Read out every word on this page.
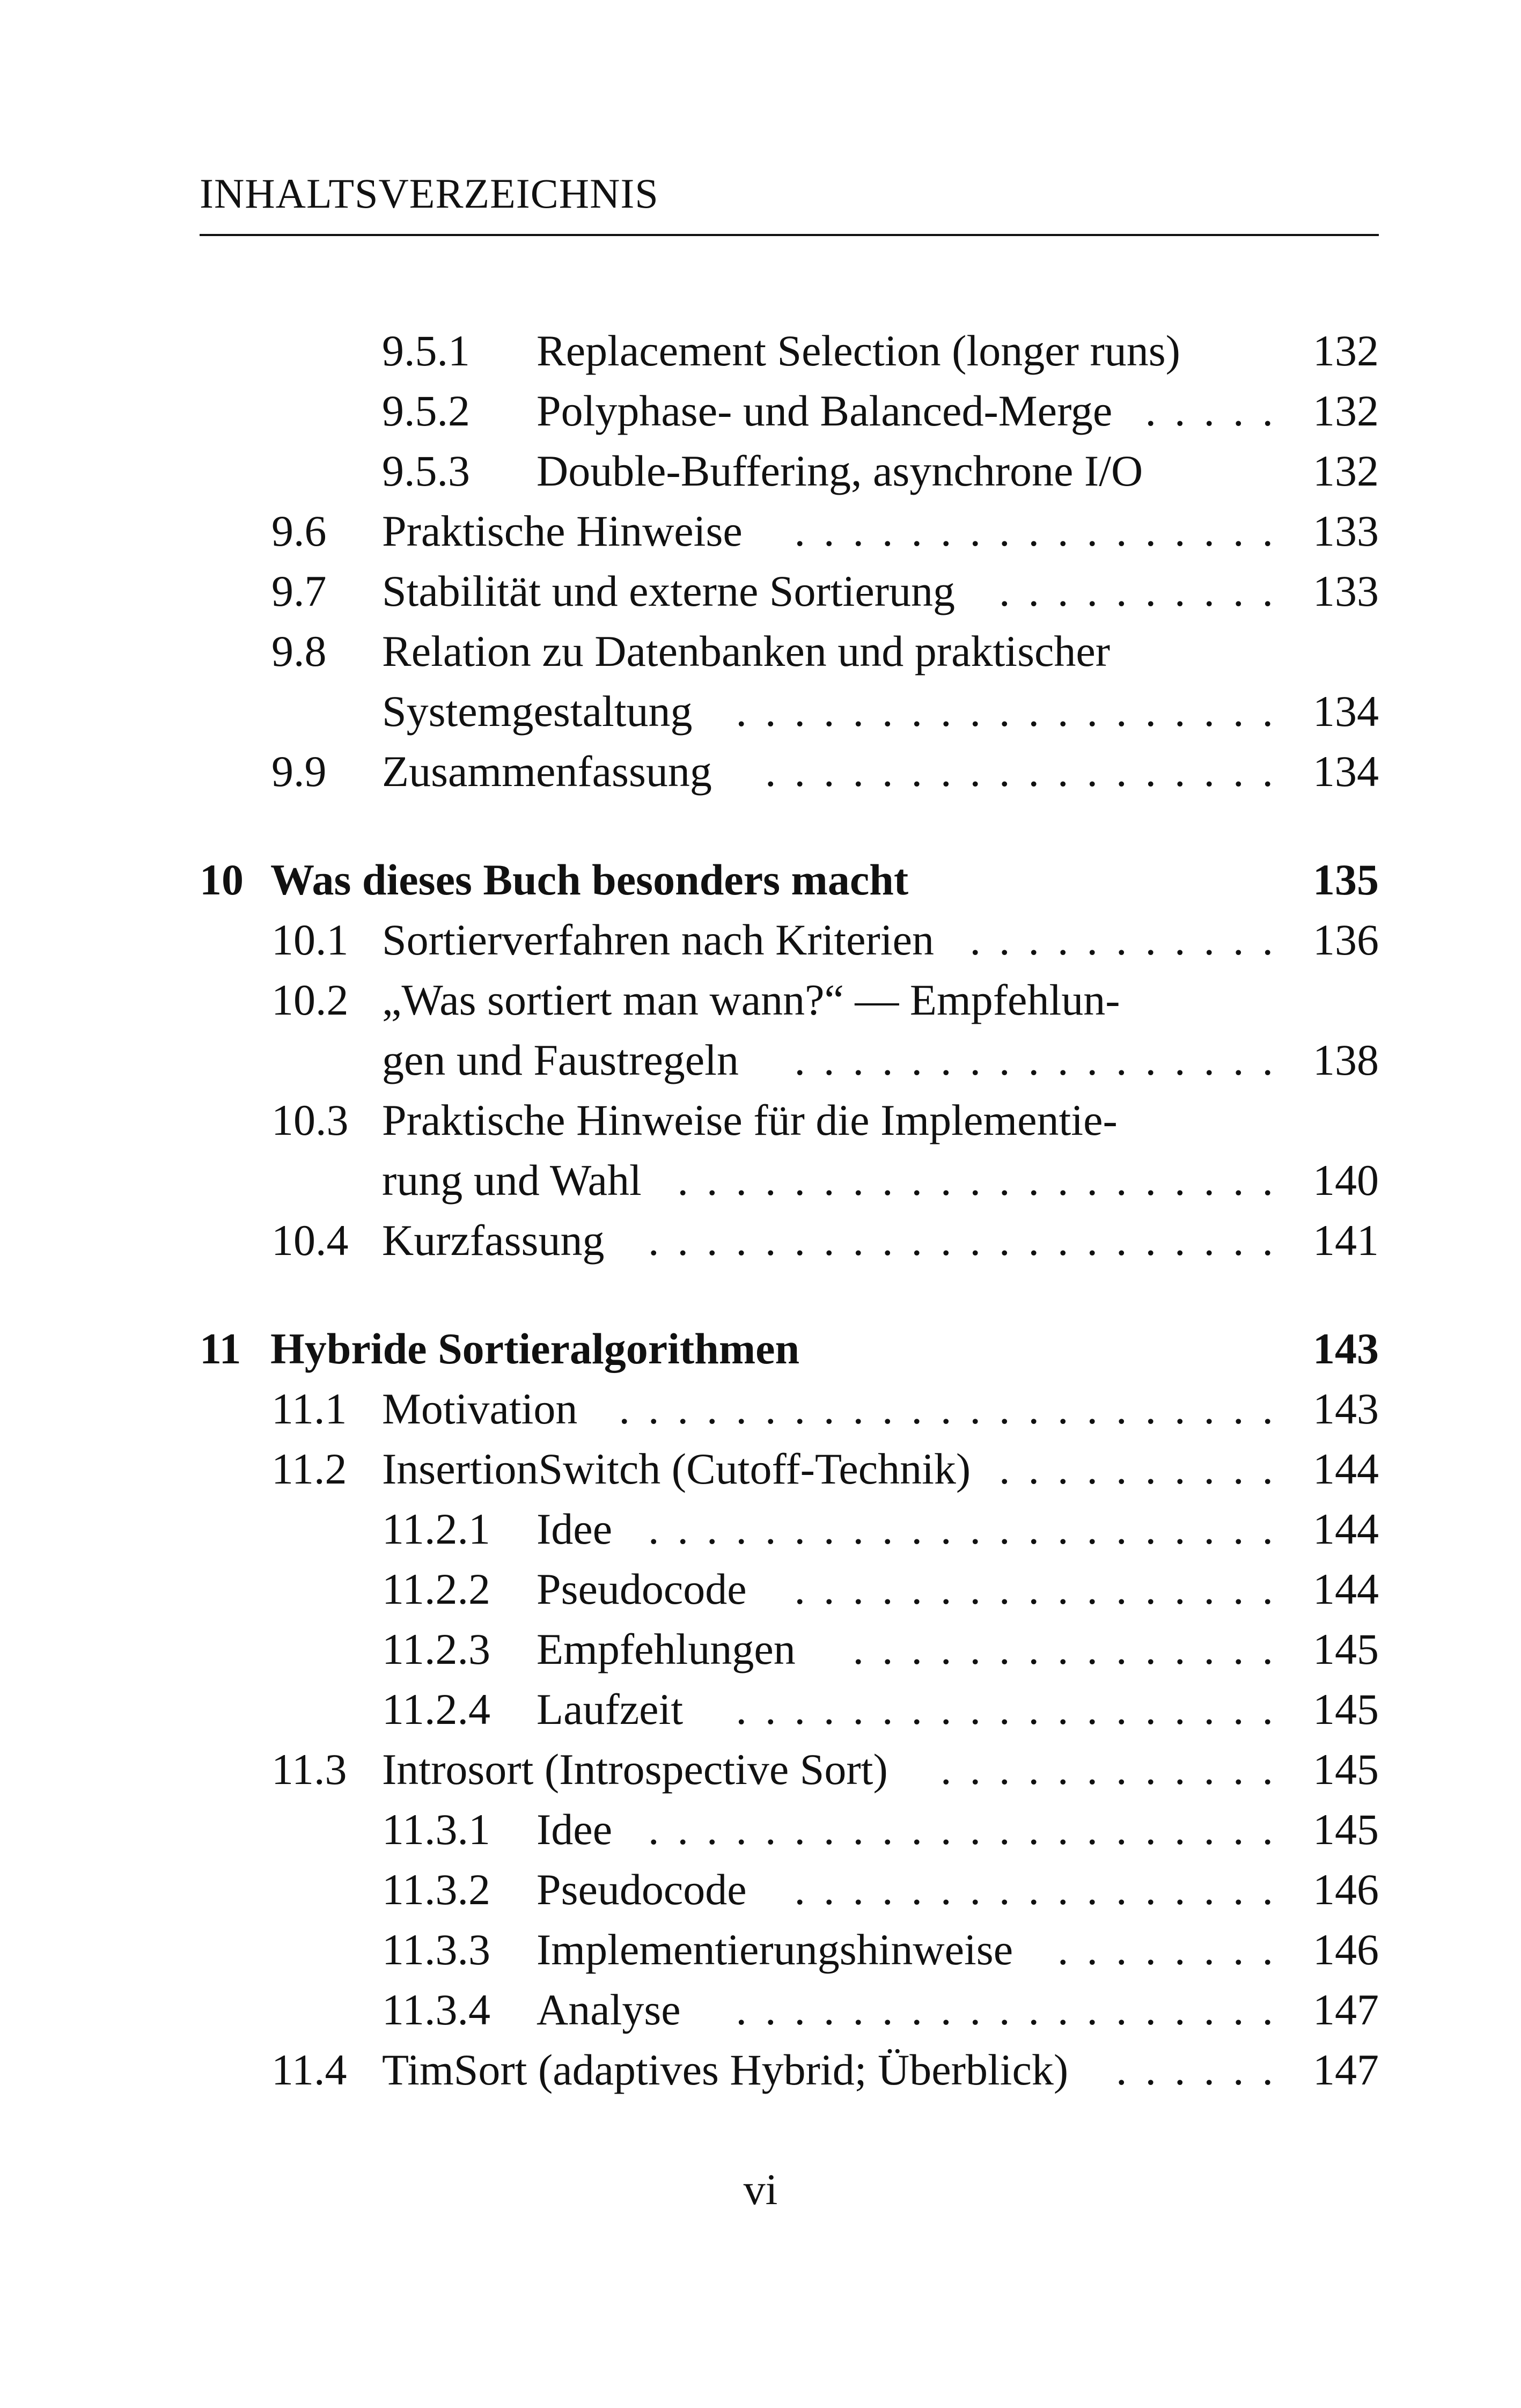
INHALTSVERZEICHNIS
9.5.1 Replacement Selection (longer runs)	132
9.5.2 Polyphase- und Balanced-Merge ..... 132
9.5.3 Double-Buffering, asynchrone I/O	132
9.6 Praktische Hinweise	................. 133
9.7 Stabilität und externe Sortierung .......... 133
9.8 Relation zu Datenbanken und praktischer
Systemgestaltung ................... 134
9.9 Zusammenfassung	.................. 134
10 Was dieses Buch besonders macht	135
10.1 Sortierverfahren nach Kriterien ........... 136
10.2 „Was sortiert man wann?“ — Empfehlun-
gen und Faustregeln	................. 138
10.3 Praktische Hinweise für die Implementie-
rung und Wahl ..................... 140
10.4 Kurzfassung ...................... 141
11 Hybride Sortieralgorithmen	143
11.1 Motivation ....................... 143
11.2 InsertionSwitch (Cutoff-Technik) .......... 144
11.2.1 Idee ...................... 144
11.2.2 Pseudocode	................. 144
11.2.3 Empfehlungen	............... 145
11.2.4 Laufzeit	................... 145
11.3 Introsort (Introspective Sort)	............ 145
11.3.1 Idee ...................... 145
11.3.2 Pseudocode	................. 146
11.3.3 Implementierungshinweise	........ 146
11.3.4 Analyse	................... 147
11.4 TimSort (adaptives Hybrid; Überblick)	...... 147
vi
